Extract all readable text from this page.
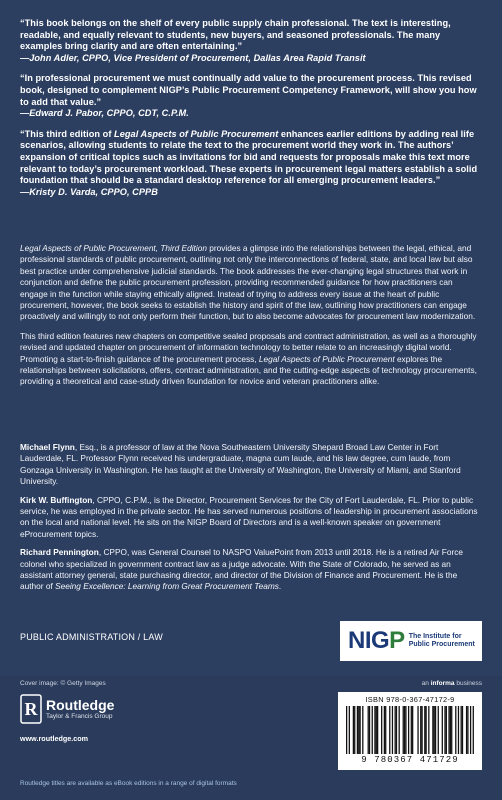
“This book belongs on the shelf of every public supply chain professional. The text is interesting, readable, and equally relevant to students, new buyers, and seasoned professionals. The many examples bring clarity and are often entertaining.”
—John Adler, CPPO, Vice President of Procurement, Dallas Area Rapid Transit

“In professional procurement we must continually add value to the procurement process. This revised book, designed to complement NIGP’s Public Procurement Competency Framework, will show you how to add that value.”
—Edward J. Pabor, CPPO, CDT, C.P.M.

“This third edition of Legal Aspects of Public Procurement enhances earlier editions by adding real life scenarios, allowing students to relate the text to the procurement world they work in. The authors’ expansion of critical topics such as invitations for bid and requests for proposals make this text more relevant to today’s procurement workload. These experts in procurement legal matters establish a solid foundation that should be a standard desktop reference for all emerging procurement leaders.”
—Kristy D. Varda, CPPO, CPPB

Legal Aspects of Public Procurement, Third Edition provides a glimpse into the relationships between the legal, ethical, and professional standards of public procurement, outlining not only the interconnections of federal, state, and local law but also best practice under comprehensive judicial standards. The book addresses the ever-changing legal structures that work in conjunction and define the public procurement profession, providing recommended guidance for how practitioners can engage in the function while staying ethically aligned. Instead of trying to address every issue at the heart of public procurement, however, the book seeks to establish the history and spirit of the law, outlining how practitioners can engage proactively and willingly to not only perform their function, but to also become advocates for procurement law modernization.

This third edition features new chapters on competitive sealed proposals and contract administration, as well as a thoroughly revised and updated chapter on procurement of information technology to better relate to an increasingly digital world. Promoting a start-to-finish guidance of the procurement process, Legal Aspects of Public Procurement explores the relationships between solicitations, offers, contract administration, and the cutting-edge aspects of technology procurements, providing a theoretical and case-study driven foundation for novice and veteran practitioners alike.

Michael Flynn, Esq., is a professor of law at the Nova Southeastern University Shepard Broad Law Center in Fort Lauderdale, FL. Professor Flynn received his undergraduate, magna cum laude, and his law degree, cum laude, from Gonzaga University in Washington. He has taught at the University of Washington, the University of Miami, and Stanford University.

Kirk W. Buffington, CPPO, C.P.M., is the Director, Procurement Services for the City of Fort Lauderdale, FL. Prior to public service, he was employed in the private sector. He has served numerous positions of leadership in procurement associations on the local and national level. He sits on the NIGP Board of Directors and is a well-known speaker on government eProcurement topics.

Richard Pennington, CPPO, was General Counsel to NASPO ValuePoint from 2013 until 2018. He is a retired Air Force colonel who specialized in government contract law as a judge advocate. With the State of Colorado, he served as an assistant attorney general, state purchasing director, and director of the Division of Finance and Procurement. He is the author of Seeing Excellence: Learning from Great Procurement Teams.

PUBLIC ADMINISTRATION / LAW	NIGP The Institute for
Public Procurement
Cover image: © Getty Images	an informa business
R Routledge
Taylor & Francis Group
www.routledge.com
ISBN 978-0-367-47172-9
9 780367 471729
Routledge titles are available as eBook editions in a range of digital formats
